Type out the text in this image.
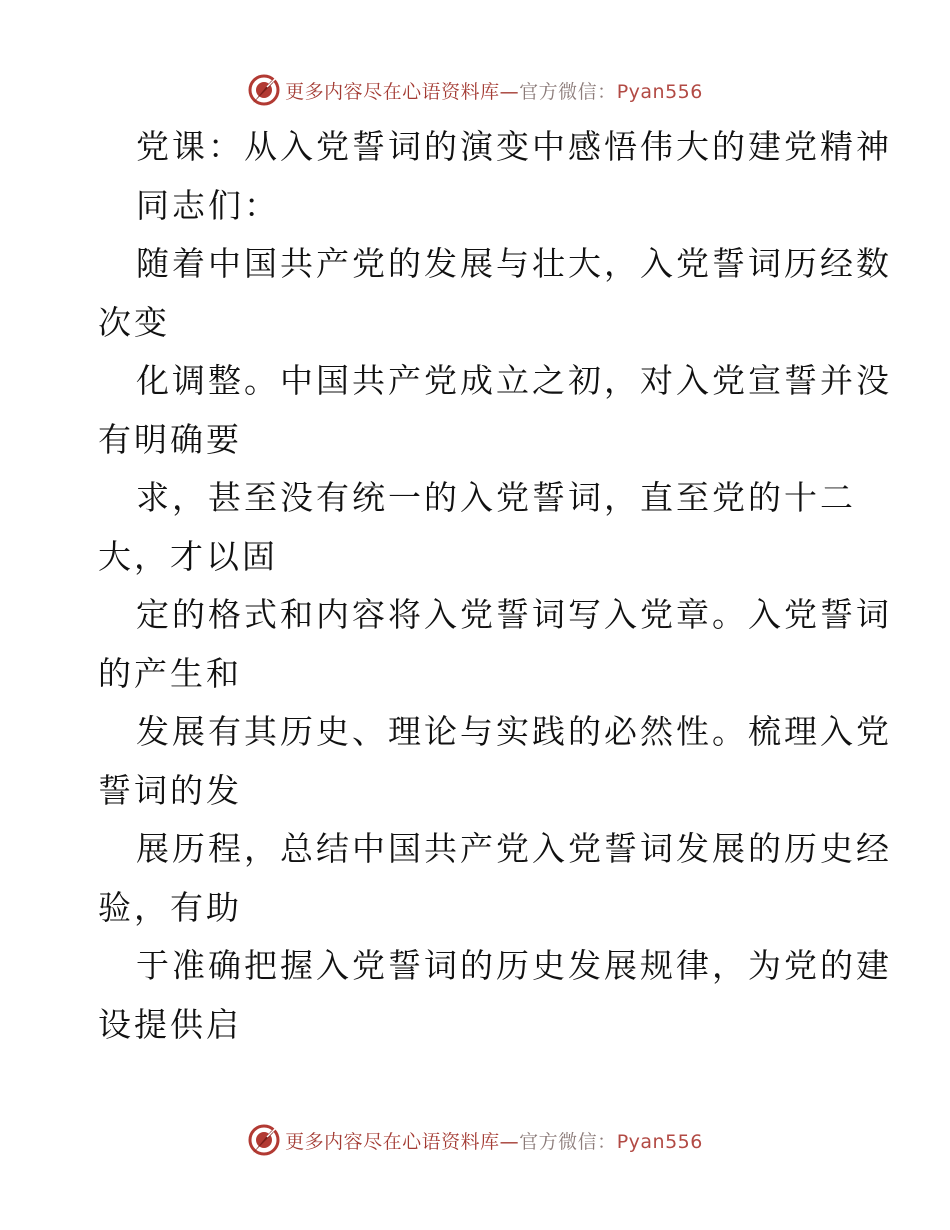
更多内容尽在心语资料库—官方微信：Pyan556
党课：从入党誓词的演变中感悟伟大的建党精神
同志们：
随着中国共产党的发展与壮大，入党誓词历经数
次变
化调整。中国共产党成立之初，对入党宣誓并没
有明确要
求，甚至没有统一的入党誓词，直至党的十二
大，才以固
定的格式和内容将入党誓词写入党章。入党誓词
的产生和
发展有其历史、理论与实践的必然性。梳理入党
誓词的发
展历程，总结中国共产党入党誓词发展的历史经
验，有助
于准确把握入党誓词的历史发展规律，为党的建
设提供启
更多内容尽在心语资料库—官方微信：Pyan556
